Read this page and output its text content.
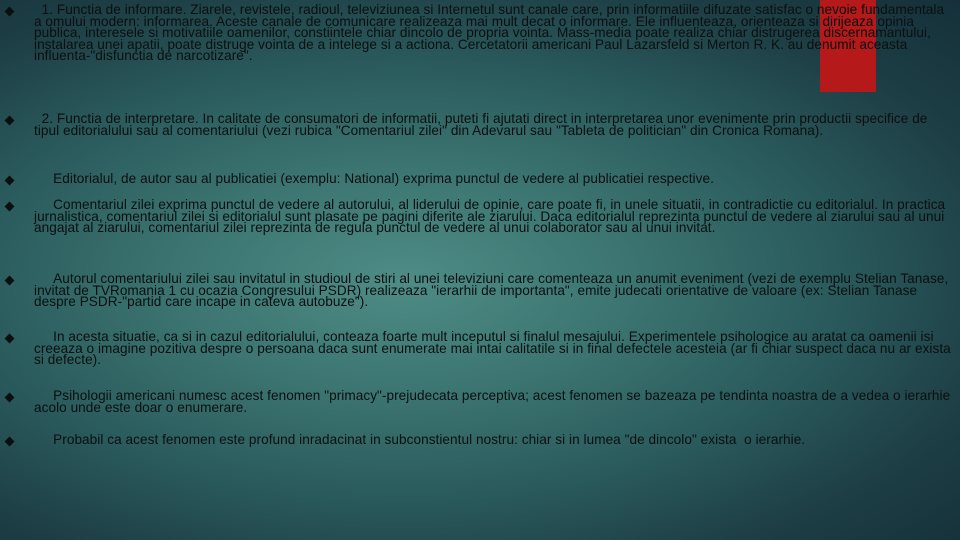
1. Functia de informare. Ziarele, revistele, radioul, televiziunea si Internetul sunt canale care, prin informatiile difuzate satisfac o nevoie fundamentala a omului modern: informarea. Aceste canale de comunicare realizeaza mai mult decat o informare. Ele influenteaza, orienteaza si dirijeaza opinia publica, interesele si motivatiile oamenilor, constiintele chiar dincolo de propria vointa. Mass-media poate realiza chiar distrugerea discernamantului, instalarea unei apatii, poate distruge vointa de a intelege si a actiona. Cercetatorii americani Paul Lazarsfeld si Merton R. K. au denumit aceasta influenta-"disfunctia de narcotizare".

2. Functia de interpretare. In calitate de consumatori de informatii, puteti fi ajutati direct in interpretarea unor evenimente prin productii specifice de tipul editorialului sau al comentariului (vezi rubica "Comentariul zilei" din Adevarul sau "Tableta de politician" din Cronica Romana).

Editorialul, de autor sau al publicatiei (exemplu: National) exprima punctul de vedere al publicatiei respective.

Comentariul zilei exprima punctul de vedere al autorului, al liderului de opinie, care poate fi, in unele situatii, in contradictie cu editorialul. In practica jurnalistica, comentariul zilei si editorialul sunt plasate pe pagini diferite ale ziarului. Daca editorialul reprezinta punctul de vedere al ziarului sau al unui angajat al ziarului, comentariul zilei reprezinta de regula punctul de vedere al unui colaborator sau al unui invitat.

Autorul comentariului zilei sau invitatul in studioul de stiri al unei televiziuni care comenteaza un anumit eveniment (vezi de exemplu Stelian Tanase, invitat de TVRomania 1 cu ocazia Congresului PSDR) realizeaza "ierarhii de importanta", emite judecati orientative de valoare (ex: Stelian Tanase despre PSDR-"partid care incape in cateva autobuze").

In acesta situatie, ca si in cazul editorialului, conteaza foarte mult inceputul si finalul mesajului. Experimentele psihologice au aratat ca oamenii isi creeaza o imagine pozitiva despre o persoana daca sunt enumerate mai intai calitatile si in final defectele acesteia (ar fi chiar suspect daca nu ar exista si defecte).

Psihologii americani numesc acest fenomen "primacy"-prejudecata perceptiva; acest fenomen se bazeaza pe tendinta noastra de a vedea o ierarhie acolo unde este doar o enumerare.

Probabil ca acest fenomen este profund inradacinat in subconstientul nostru: chiar si in lumea "de dincolo" exista  o ierarhie.
